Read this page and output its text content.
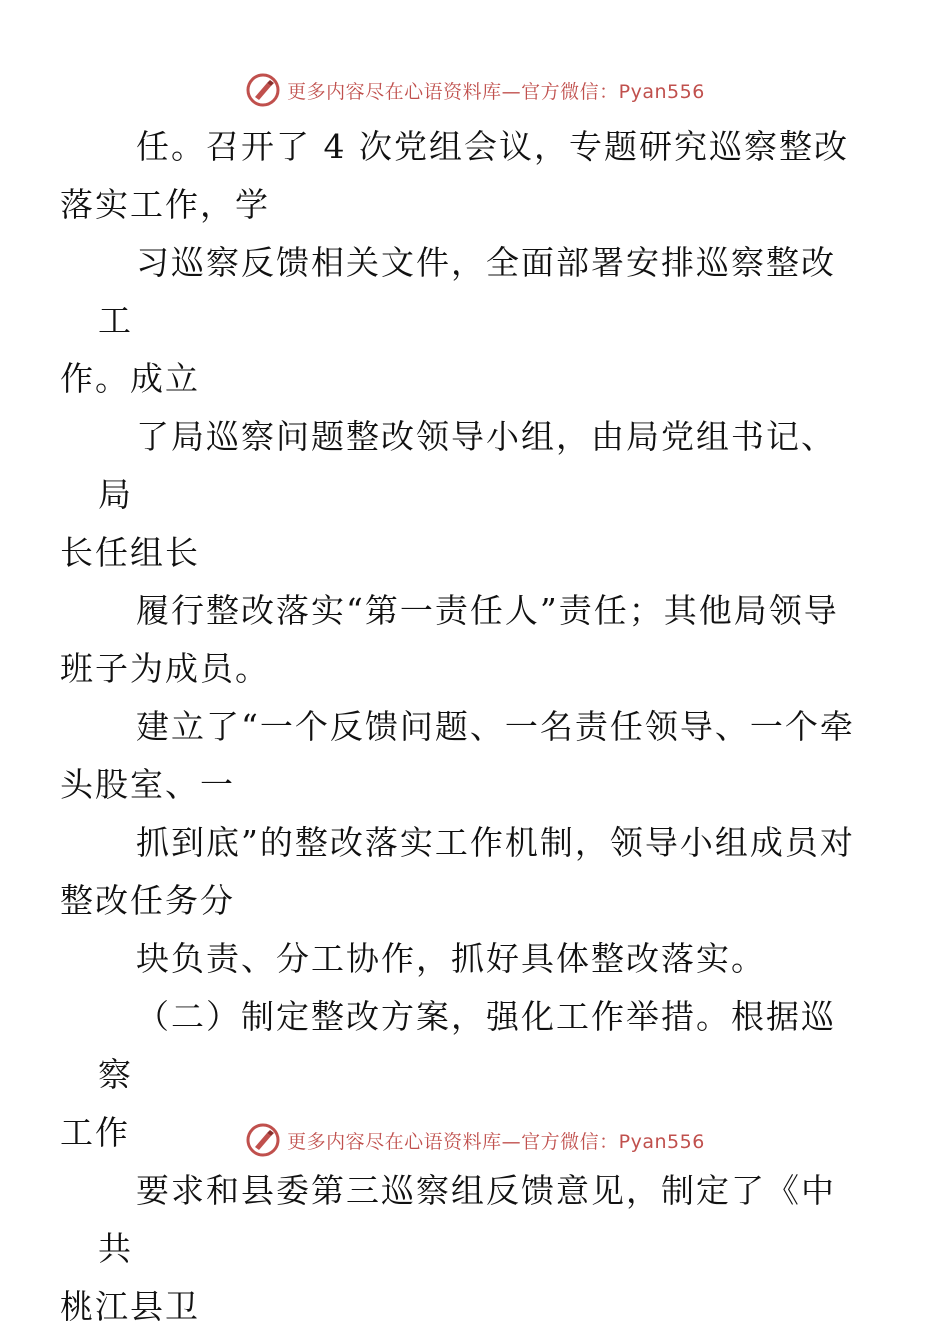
更多内容尽在心语资料库—官方微信：Pyan556

任。召开了 4 次党组会议，专题研究巡察整改
落实工作，学

习巡察反馈相关文件，全面部署安排巡察整改工
作。成立

了局巡察问题整改领导小组，由局党组书记、局
长任组长

履行整改落实“第一责任人”责任；其他局领导
班子为成员。

建立了“一个反馈问题、一名责任领导、一个牵
头股室、一

抓到底”的整改落实工作机制，领导小组成员对
整改任务分

块负责、分工协作，抓好具体整改落实。

（二）制定整改方案，强化工作举措。根据巡察
工作

要求和县委第三巡察组反馈意见，制定了《中共
桃江县卫

更多内容尽在心语资料库—官方微信：Pyan556
